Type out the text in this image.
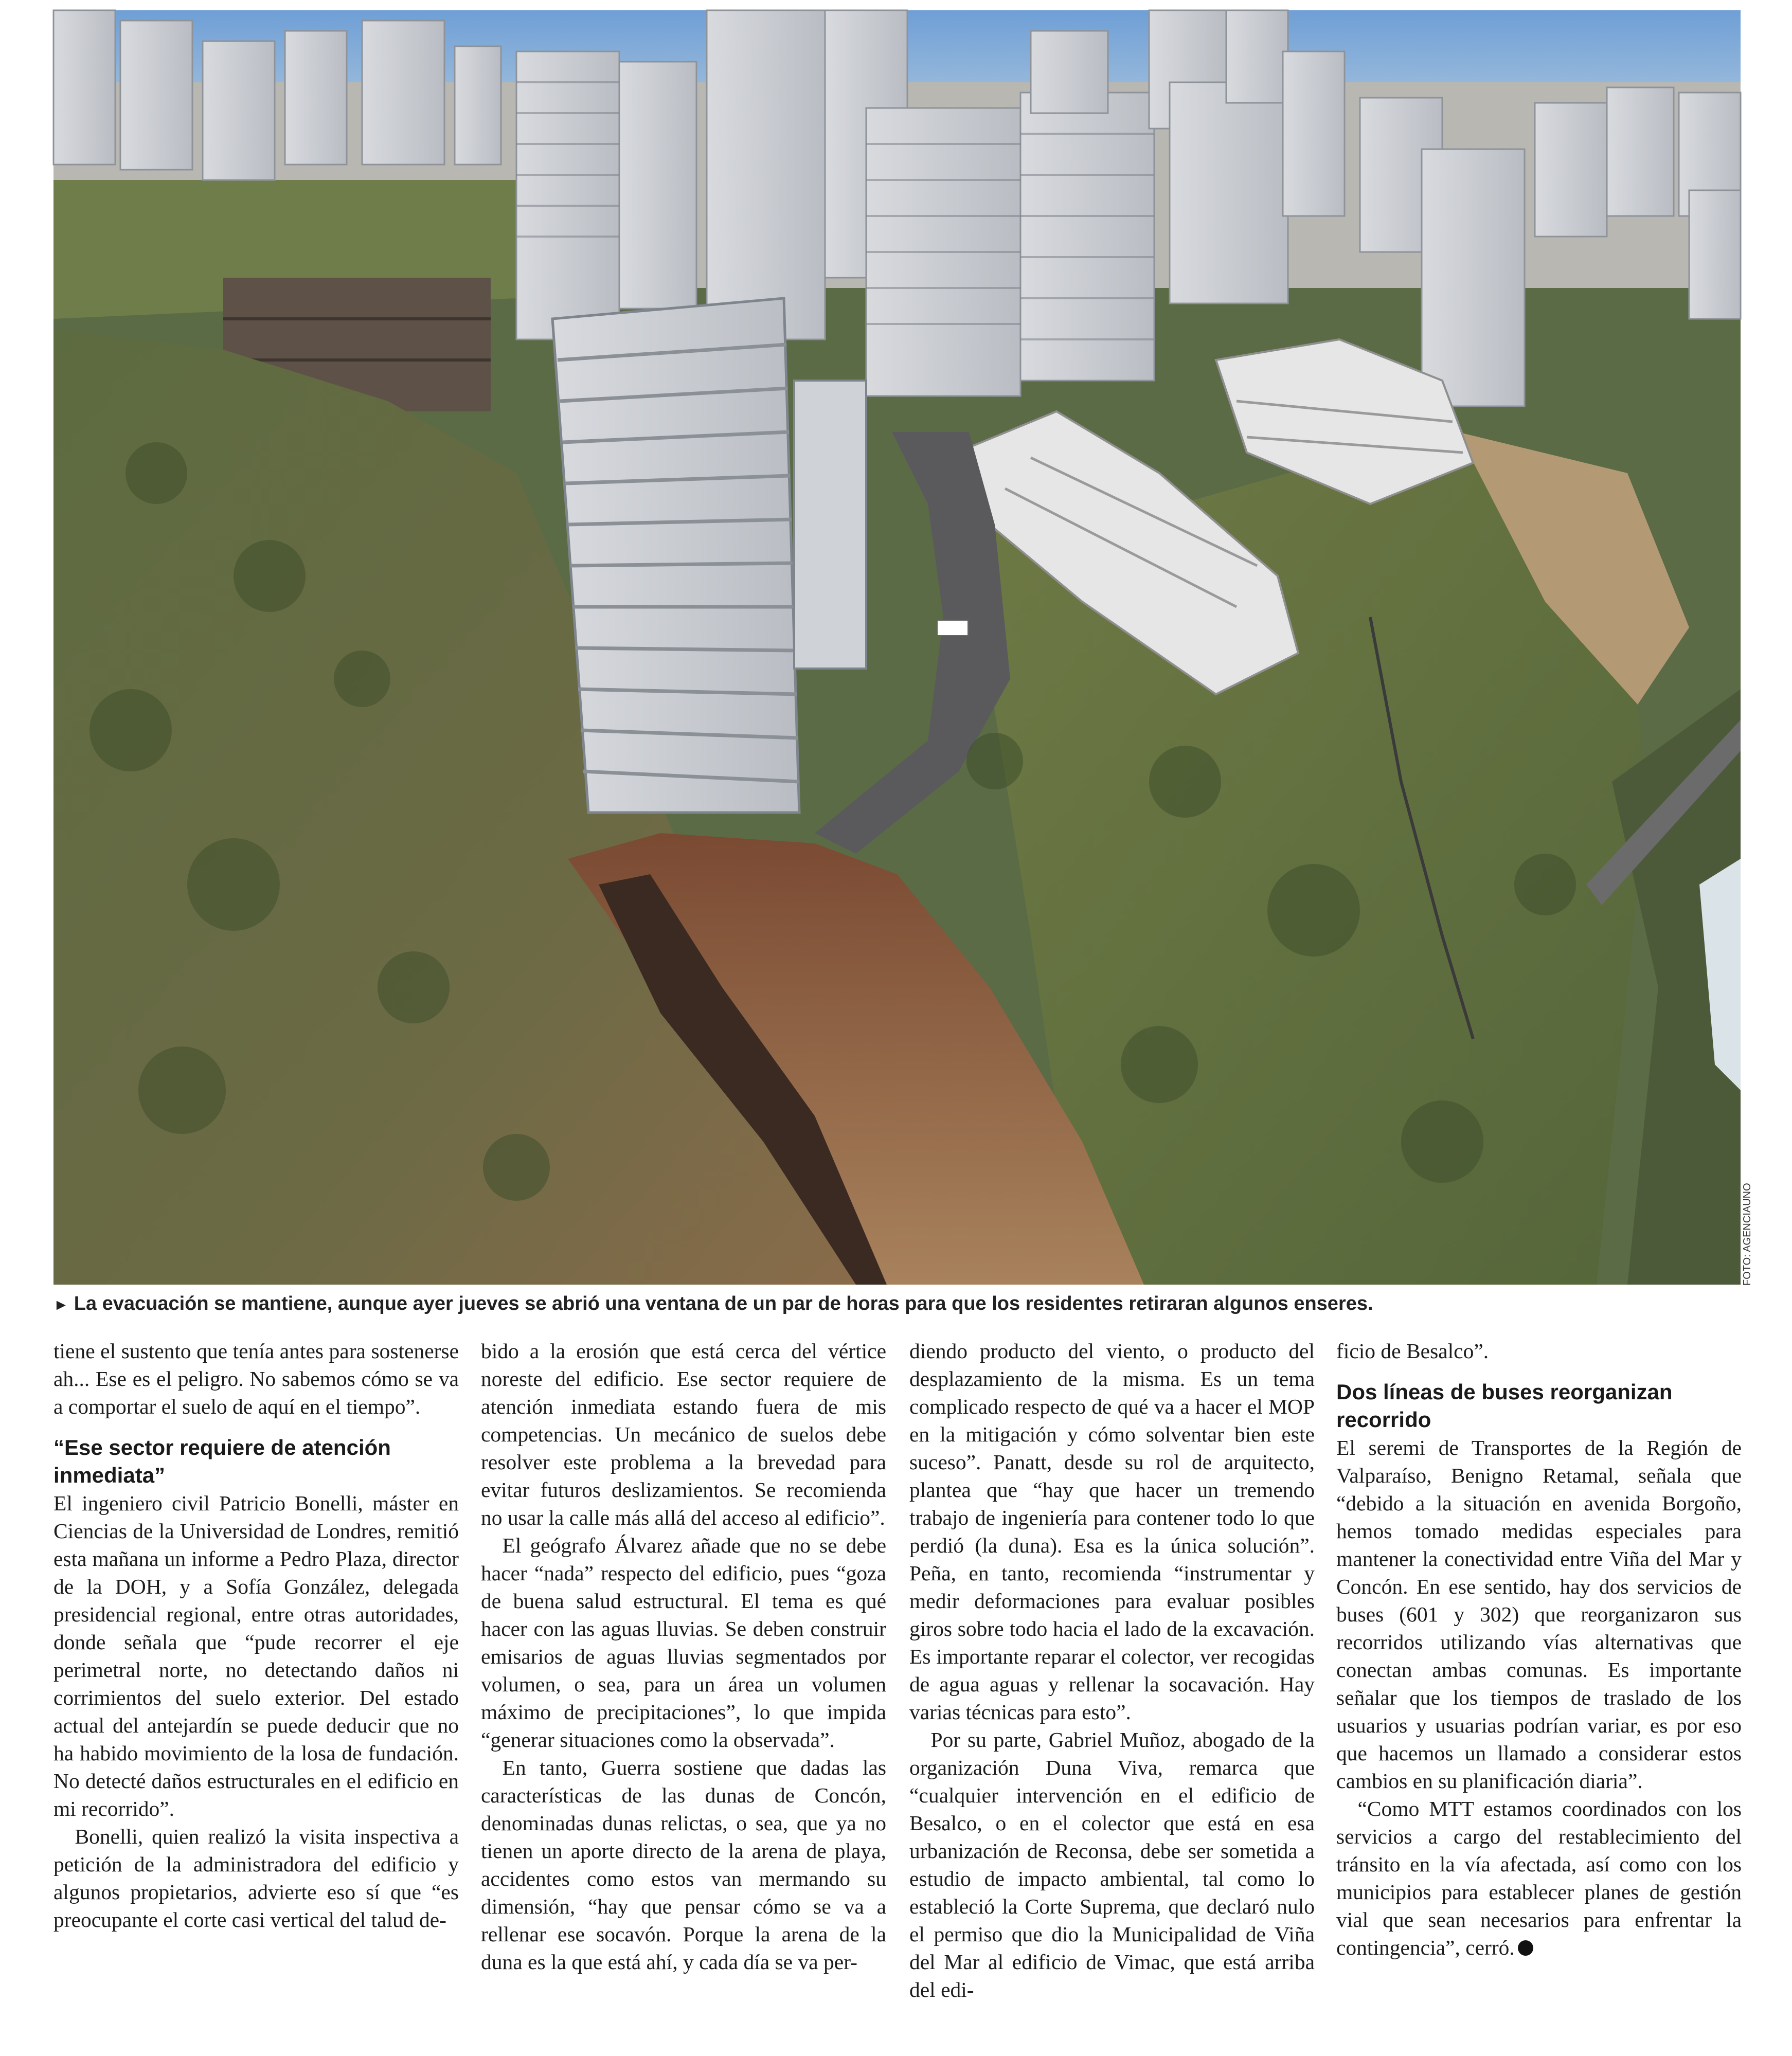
FOTO: AGENCIAUNO
► La evacuación se mantiene, aunque ayer jueves se abrió una ventana de un par de horas para que los residentes retiraran algunos enseres.

tiene el sustento que tenía antes para sostenerse ah... Ese es el peligro. No sabemos cómo se va a comportar el suelo de aquí en el tiempo”.

“Ese sector requiere de atención inmediata”

El ingeniero civil Patricio Bonelli, máster en Ciencias de la Universidad de Londres, remitió esta mañana un informe a Pedro Plaza, director de la DOH, y a Sofía González, delegada presidencial regional, entre otras autoridades, donde señala que “pude recorrer el eje perimetral norte, no detectando daños ni corrimientos del suelo exterior. Del estado actual del antejardín se puede deducir que no ha habido movimiento de la losa de fundación. No detecté daños estructurales en el edificio en mi recorrido”.

Bonelli, quien realizó la visita inspectiva a petición de la administradora del edificio y algunos propietarios, advierte eso sí que “es preocupante el corte casi vertical del talud de-

bido a la erosión que está cerca del vértice noreste del edificio. Ese sector requiere de atención inmediata estando fuera de mis competencias. Un mecánico de suelos debe resolver este problema a la brevedad para evitar futuros deslizamientos. Se recomienda no usar la calle más allá del acceso al edificio”.

El geógrafo Álvarez añade que no se debe hacer “nada” respecto del edificio, pues “goza de buena salud estructural. El tema es qué hacer con las aguas lluvias. Se deben construir emisarios de aguas lluvias segmentados por volumen, o sea, para un área un volumen máximo de precipitaciones”, lo que impida “generar situaciones como la observada”.

En tanto, Guerra sostiene que dadas las características de las dunas de Concón, denominadas dunas relictas, o sea, que ya no tienen un aporte directo de la arena de playa, accidentes como estos van mermando su dimensión, “hay que pensar cómo se va a rellenar ese socavón. Porque la arena de la duna es la que está ahí, y cada día se va per-

diendo producto del viento, o producto del desplazamiento de la misma. Es un tema complicado respecto de qué va a hacer el MOP en la mitigación y cómo solventar bien este suceso”. Panatt, desde su rol de arquitecto, plantea que “hay que hacer un tremendo trabajo de ingeniería para contener todo lo que perdió (la duna). Esa es la única solución”. Peña, en tanto, recomienda “instrumentar y medir deformaciones para evaluar posibles giros sobre todo hacia el lado de la excavación. Es importante reparar el colector, ver recogidas de agua aguas y rellenar la socavación. Hay varias técnicas para esto”.

Por su parte, Gabriel Muñoz, abogado de la organización Duna Viva, remarca que “cualquier intervención en el edificio de Besalco, o en el colector que está en esa urbanización de Reconsa, debe ser sometida a estudio de impacto ambiental, tal como lo estableció la Corte Suprema, que declaró nulo el permiso que dio la Municipalidad de Viña del Mar al edificio de Vimac, que está arriba del edi-

ficio de Besalco”.

Dos líneas de buses reorganizan recorrido

El seremi de Transportes de la Región de Valparaíso, Benigno Retamal, señala que “debido a la situación en avenida Borgoño, hemos tomado medidas especiales para mantener la conectividad entre Viña del Mar y Concón. En ese sentido, hay dos servicios de buses (601 y 302) que reorganizaron sus recorridos utilizando vías alternativas que conectan ambas comunas. Es importante señalar que los tiempos de traslado de los usuarios y usuarias podrían variar, es por eso que hacemos un llamado a considerar estos cambios en su planificación diaria”.

“Como MTT estamos coordinados con los servicios a cargo del restablecimiento del tránsito en la vía afectada, así como con los municipios para establecer planes de gestión vial que sean necesarios para enfrentar la contingencia”, cerró.
